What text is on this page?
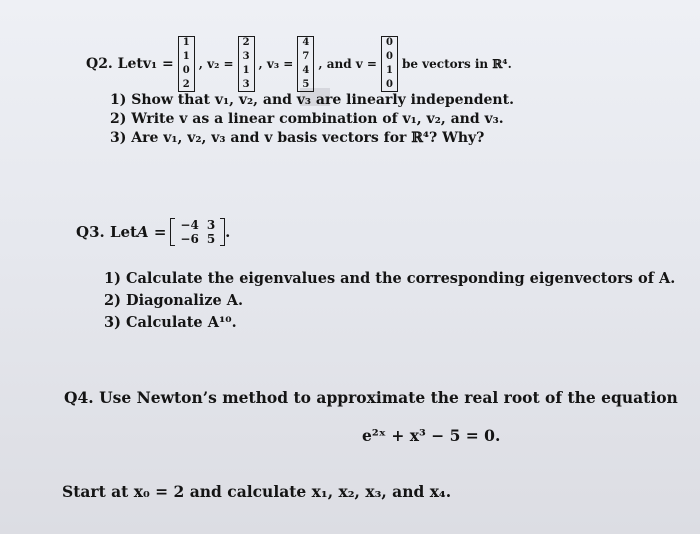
Q2. Let v₁ =
1
1
0
2
, v₂ =
2
3
1
3
, v₃ =
4
7
4
5
, and v =
0
0
1
0
be vectors in ℝ⁴.
1) Show that v₁, v₂, and v₃ are linearly independent.
2) Write v as a linear combination of v₁, v₂, and v₃.
3) Are v₁, v₂, v₃ and v basis vectors for ℝ⁴? Why?
Q3. Let A = −4
−6
3
5 .
1) Calculate the eigenvalues and the corresponding eigenvectors of A.
2) Diagonalize A.
3) Calculate A¹⁰.
Q4. Use Newton’s method to approximate the real root of the equation
e²ˣ + x³ − 5 = 0.
Start at x₀ = 2 and calculate x₁, x₂, x₃, and x₄.
